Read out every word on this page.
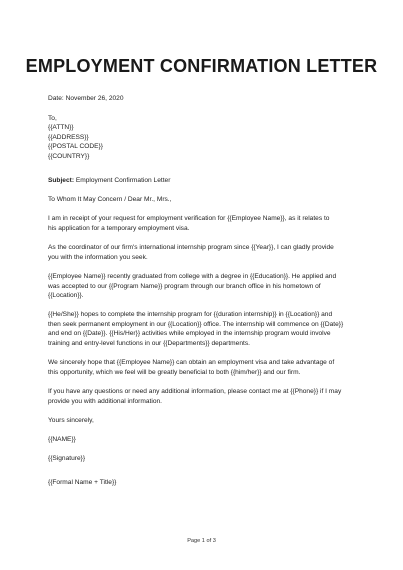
EMPLOYMENT CONFIRMATION LETTER

Date: November 26, 2020

To,

{{ATTN}}

{{ADDRESS}}

{{POSTAL CODE}}

{{COUNTRY}}

Subject: Employment Confirmation Letter

To Whom It May Concern / Dear Mr., Mrs.,

I am in receipt of your request for employment verification for {{Employee Name}}, as it relates to

his application for a temporary employment visa.

As the coordinator of our firm's international internship program since {{Year}}, I can gladly provide

you with the information you seek.

{{Employee Name}} recently graduated from college with a degree in {{Education}}. He applied and

was accepted to our {{Program Name}} program through our branch office in his hometown of

{{Location}}.

{{He/She}} hopes to complete the internship program for {{duration internship}} in {{Location}} and

then seek permanent employment in our {{Location}} office. The internship will commence on {{Date}}

and end on {{Date}}. {{His/Her}} activities while employed in the internship program would involve

training and entry-level functions in our {{Departments}} departments.

We sincerely hope that {{Employee Name}} can obtain an employment visa and take advantage of

this opportunity, which we feel will be greatly beneficial to both {{him/her}} and our firm.

If you have any questions or need any additional information, please contact me at {{Phone}} if I may

provide you with additional information.

Yours sincerely,

{{NAME}}

{{Signature}}

{{Formal Name + Title}}

Page 1 of 3
